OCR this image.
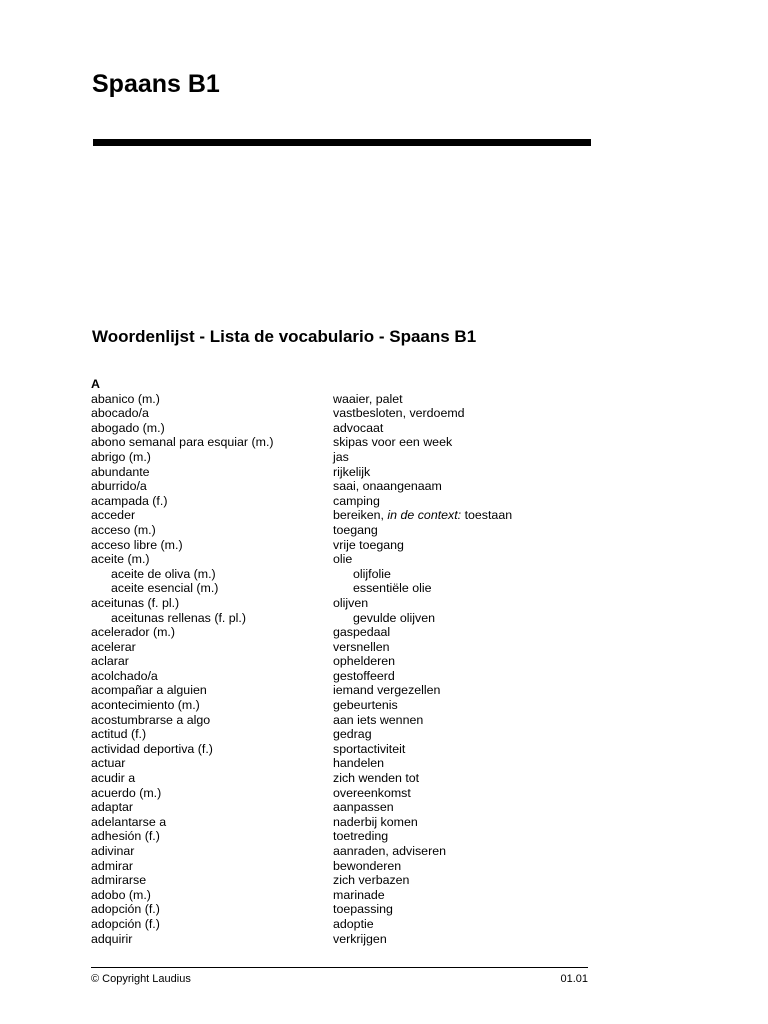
Spaans B1
Woordenlijst - Lista de vocabulario - Spaans B1
A
abanico (m.)	waaier, palet
abocado/a	vastbesloten, verdoemd
abogado (m.)	advocaat
abono semanal para esquiar (m.)	skipas voor een week
abrigo (m.)	jas
abundante	rijkelijk
aburrido/a	saai, onaangenaam
acampada (f.)	camping
acceder	bereiken, in de context: toestaan
acceso (m.)	toegang
acceso libre (m.)	vrije toegang
aceite (m.)	olie
aceite de oliva (m.)	olijfolie
aceite esencial (m.)	essentiële olie
aceitunas (f. pl.)	olijven
aceitunas rellenas (f. pl.)	gevulde olijven
acelerador (m.)	gaspedaal
acelerar	versnellen
aclarar	ophelderen
acolchado/a	gestoffeerd
acompañar a alguien	iemand vergezellen
acontecimiento (m.)	gebeurtenis
acostumbrarse a algo	aan iets wennen
actitud (f.)	gedrag
actividad deportiva (f.)	sportactiviteit
actuar	handelen
acudir a	zich wenden tot
acuerdo (m.)	overeenkomst
adaptar	aanpassen
adelantarse a	naderbij komen
adhesión (f.)	toetreding
adivinar	aanraden, adviseren
admirar	bewonderen
admirarse	zich verbazen
adobo (m.)	marinade
adopción (f.)	toepassing
adopción (f.)	adoptie
adquirir	verkrijgen
© Copyright Laudius	01.01
